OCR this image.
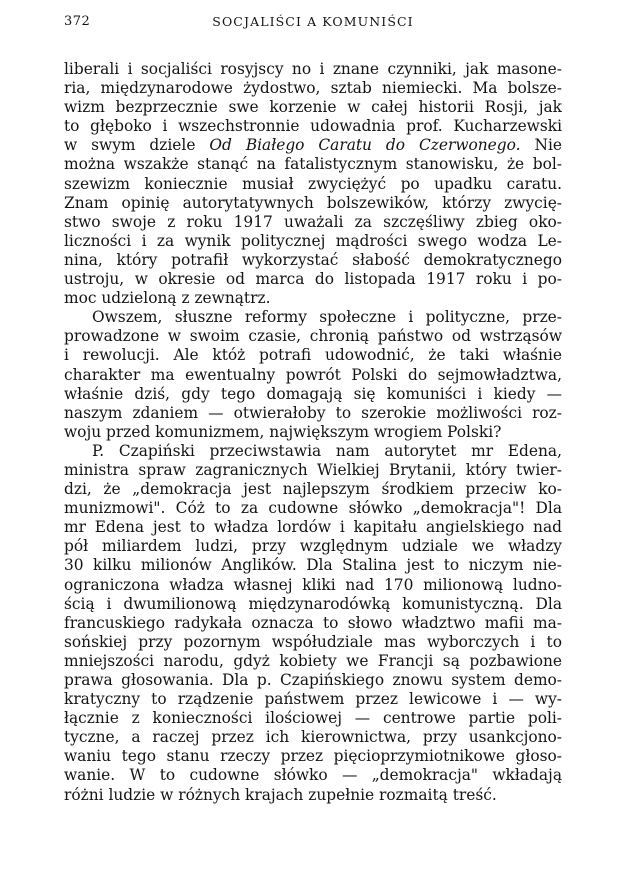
372	SOCJALIŚCI A KOMUNIŚCI
liberali i socjaliści rosyjscy no i znane czynniki, jak masone-
ria, międzynarodowe żydostwo, sztab niemiecki. Ma bolsze-
wizm bezprzecznie swe korzenie w całej historii Rosji, jak
to głęboko i wszechstronnie udowadnia prof. Kucharzewski
w swym dziele Od Białego Caratu do Czerwonego. Nie
można wszakże stanąć na fatalistycznym stanowisku, że bol-
szewizm koniecznie musiał zwyciężyć po upadku caratu.
Znam opinię autorytatywnych bolszewików, którzy zwycię-
stwo swoje z roku 1917 uważali za szczęśliwy zbieg oko-
liczności i za wynik politycznej mądrości swego wodza Le-
nina, który potrafił wykorzystać słabość demokratycznego
ustroju, w okresie od marca do listopada 1917 roku i po-
moc udzieloną z zewnątrz.
Owszem, słuszne reformy społeczne i polityczne, prze-
prowadzone w swoim czasie, chronią państwo od wstrząsów
i rewolucji. Ale któż potrafi udowodnić, że taki właśnie
charakter ma ewentualny powrót Polski do sejmowładztwa,
właśnie dziś, gdy tego domagają się komuniści i kiedy —
naszym zdaniem — otwierałoby to szerokie możliwości roz-
woju przed komunizmem, największym wrogiem Polski?
P. Czapiński przeciwstawia nam autorytet mr Edena,
ministra spraw zagranicznych Wielkiej Brytanii, który twier-
dzi, że „demokracja jest najlepszym środkiem przeciw ko-
munizmowi". Cóż to za cudowne słówko „demokracja"! Dla
mr Edena jest to władza lordów i kapitału angielskiego nad
pół miliardem ludzi, przy względnym udziale we władzy
30 kilku milionów Anglików. Dla Stalina jest to niczym nie-
ograniczona władza własnej kliki nad 170 milionową ludno-
ścią i dwumilionową międzynarodówką komunistyczną. Dla
francuskiego radykała oznacza to słowo władztwo mafii ma-
sońskiej przy pozornym współudziale mas wyborczych i to
mniejszości narodu, gdyż kobiety we Francji są pozbawione
prawa głosowania. Dla p. Czapińskiego znowu system demo-
kratyczny to rządzenie państwem przez lewicowe i — wy-
łącznie z konieczności ilościowej — centrowe partie poli-
tyczne, a raczej przez ich kierownictwa, przy usankcjono-
waniu tego stanu rzeczy przez pięcioprzymiotnikowe głoso-
wanie. W to cudowne słówko — „demokracja" wkładają
różni ludzie w różnych krajach zupełnie rozmaitą treść.
